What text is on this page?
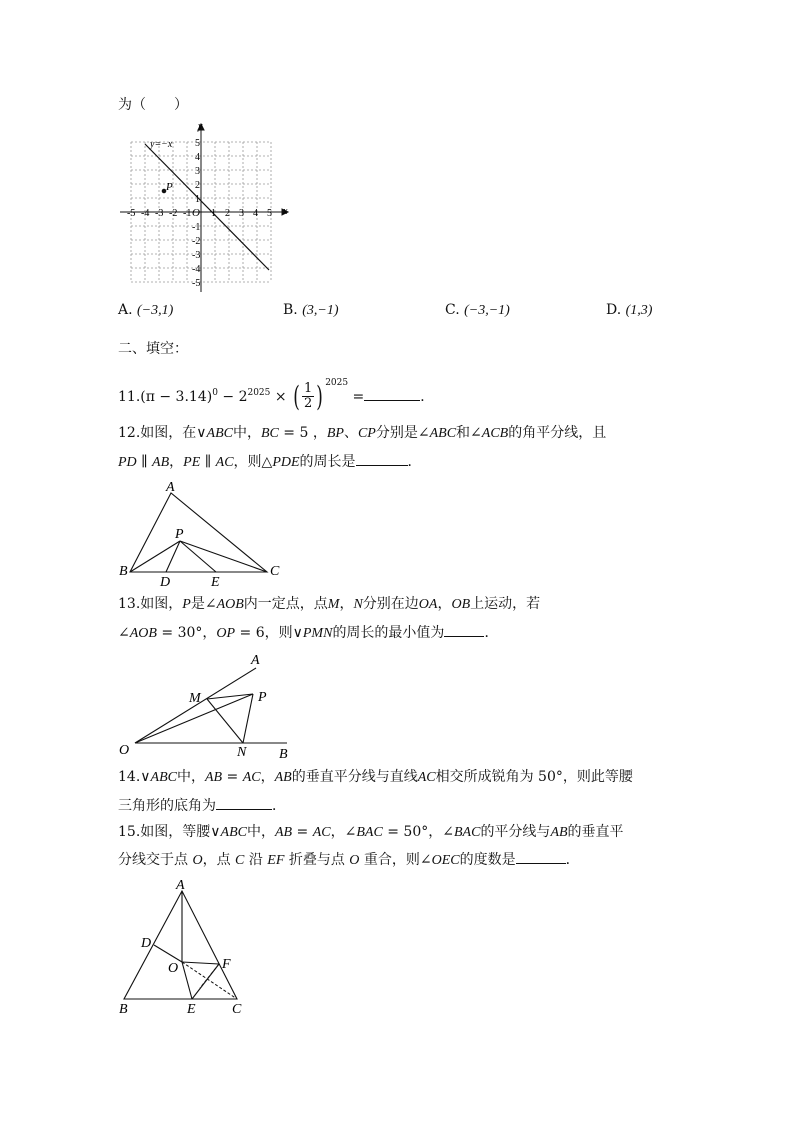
为（　　）
y=−x
P
x
y
O
-5 -4 -3 -2 -1 1 2 3 4 5
5
4
3
2
1
-1
-2
-3
-4
-5
A. (−3,1)	B. (3,−1)	C. (−3,−1)	D. (1,3)
二、填空：
$11.(\pi - 3.14)^0 - 2^{2025}$ × ( $\frac{1}{2}$ ) $^{2025}$ =	．
12.如图，在∨ABC中，BC = 5 ，BP、CP分别是∠ABC和∠ACB的角平分线，且
PD ∥ AB，PE ∥ AC，则△PDE的周长是	．
A
B	C
P
D	E
13.如图，P是∠AOB内一定点，点M，N分别在边OA，OB上运动，若
∠AOB = 30°，OP = 6，则∨PMN的周长的最小值为	．
A
B
O
M
N
P
14.∨ABC中，AB = AC，AB的垂直平分线与直线AC相交所成锐角为 50°，则此等腰
三角形的底角为	．
15.如图，等腰∨ABC中，AB = AC，∠BAC = 50°，∠BAC的平分线与AB的垂直平
分线交于点 O，点 C 沿 EF 折叠与点 O 重合，则∠OEC的度数是	．
A
B	C
D
E
F
O
